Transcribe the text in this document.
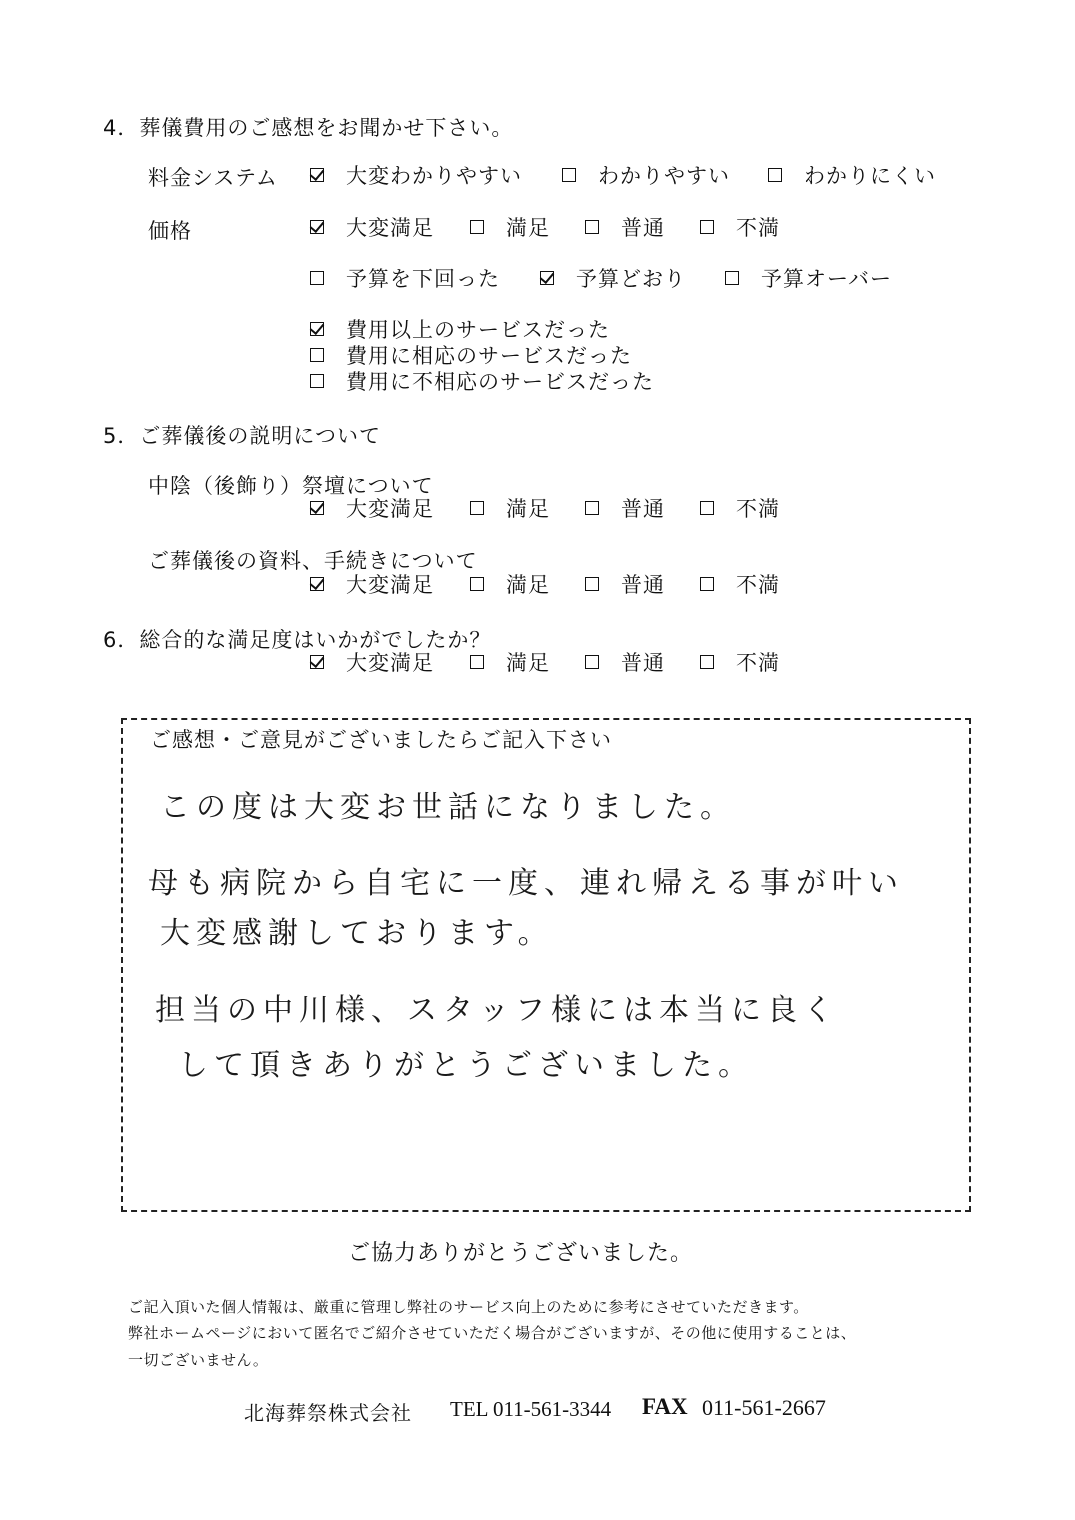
4．葬儀費用のご感想をお聞かせ下さい。
料金システム	大変わかりやすい	わかりやすい	わかりにくい
価格	大変満足	満足	普通	不満
予算を下回った	予算どおり	予算オーバー
費用以上のサービスだった
費用に相応のサービスだった
費用に不相応のサービスだった
5．ご葬儀後の説明について
中陰（後飾り）祭壇について
大変満足	満足	普通	不満
ご葬儀後の資料、手続きについて
大変満足	満足	普通	不満
6．総合的な満足度はいかがでしたか？
大変満足	満足	普通	不満
ご感想・ご意見がございましたらご記入下さい
この度は大変お世話になりました。
母も病院から自宅に一度、連れ帰える事が叶い
大変感謝しております。
担当の中川様、スタッフ様には本当に良く
して頂きありがとうございました。
ご協力ありがとうございました。
ご記入頂いた個人情報は、厳重に管理し弊社のサービス向上のために参考にさせていただきます。
弊社ホームページにおいて匿名でご紹介させていただく場合がございますが、その他に使用することは、
一切ございません。
北海葬祭株式会社 TEL 011-561-3344 FAX 011-561-2667
